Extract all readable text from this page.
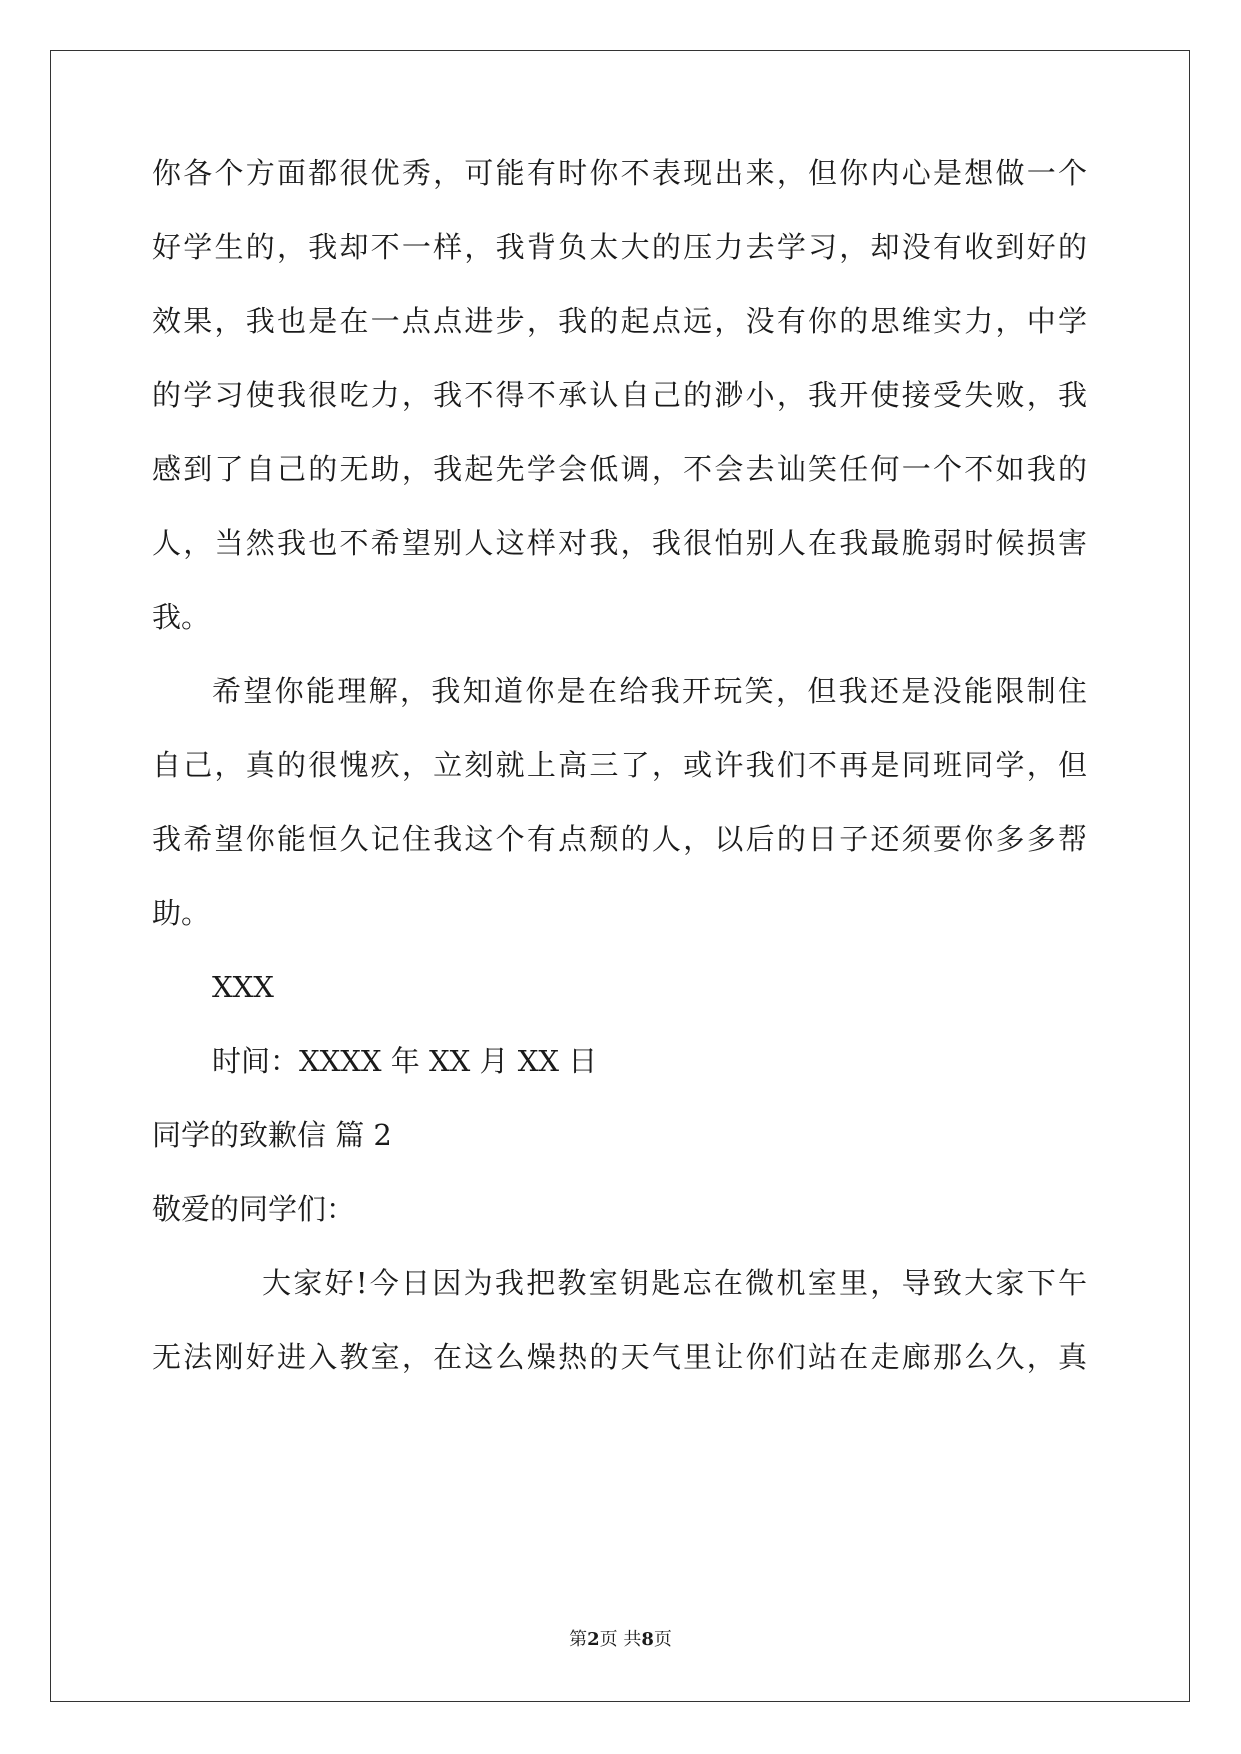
你各个方面都很优秀，可能有时你不表现出来，但你内心是想做一个
好学生的，我却不一样，我背负太大的压力去学习，却没有收到好的
效果，我也是在一点点进步，我的起点远，没有你的思维实力，中学
的学习使我很吃力，我不得不承认自己的渺小，我开使接受失败，我
感到了自己的无助，我起先学会低调，不会去讪笑任何一个不如我的
人，当然我也不希望别人这样对我，我很怕别人在我最脆弱时候损害
我。
希望你能理解，我知道你是在给我开玩笑，但我还是没能限制住
自己，真的很愧疚，立刻就上高三了，或许我们不再是同班同学，但
我希望你能恒久记住我这个有点颓的人，以后的日子还须要你多多帮
助。
XXX
时间：XXXX 年 XX 月 XX 日
同学的致歉信 篇 2
敬爱的同学们：
大家好!今日因为我把教室钥匙忘在微机室里，导致大家下午
无法刚好进入教室，在这么燥热的天气里让你们站在走廊那么久，真
第2页 共8页
